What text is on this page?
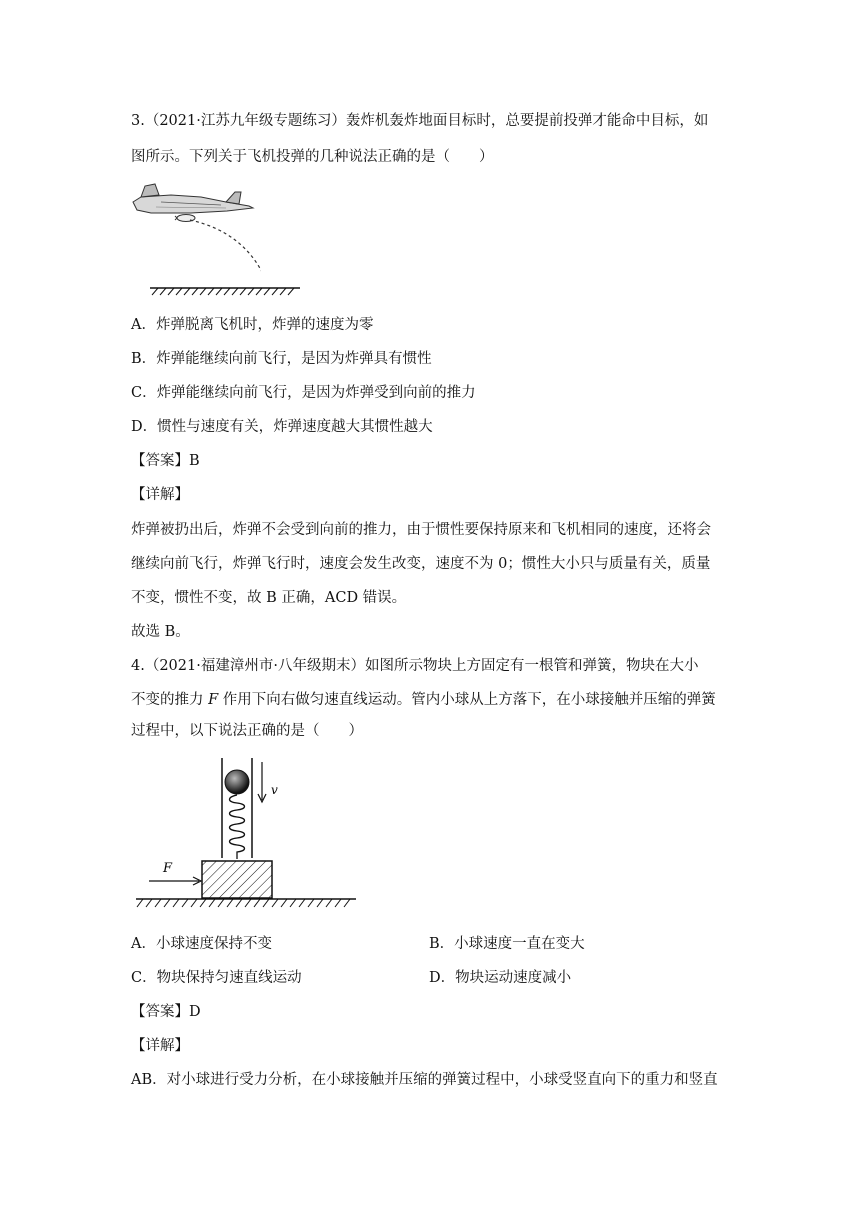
3.（2021·江苏九年级专题练习）轰炸机轰炸地面目标时，总要提前投弹才能命中目标，如
图所示。下列关于飞机投弹的几种说法正确的是（　　）
A．炸弹脱离飞机时，炸弹的速度为零
B．炸弹能继续向前飞行，是因为炸弹具有惯性
C．炸弹能继续向前飞行，是因为炸弹受到向前的推力
D．惯性与速度有关，炸弹速度越大其惯性越大
【答案】B
【详解】
炸弹被扔出后，炸弹不会受到向前的推力，由于惯性要保持原来和飞机相同的速度，还将会
继续向前飞行，炸弹飞行时，速度会发生改变，速度不为 0；惯性大小只与质量有关，质量
不变，惯性不变，故 B 正确，ACD 错误。
故选 B。
4.（2021·福建漳州市·八年级期末）如图所示物块上方固定有一根管和弹簧，物块在大小
不变的推力 F 作用下向右做匀速直线运动。管内小球从上方落下，在小球接触并压缩的弹簧
过程中，以下说法正确的是（　　）
v
F
A．小球速度保持不变	B．小球速度一直在变大
C．物块保持匀速直线运动	D．物块运动速度减小
【答案】D
【详解】
AB．对小球进行受力分析，在小球接触并压缩的弹簧过程中，小球受竖直向下的重力和竖直
